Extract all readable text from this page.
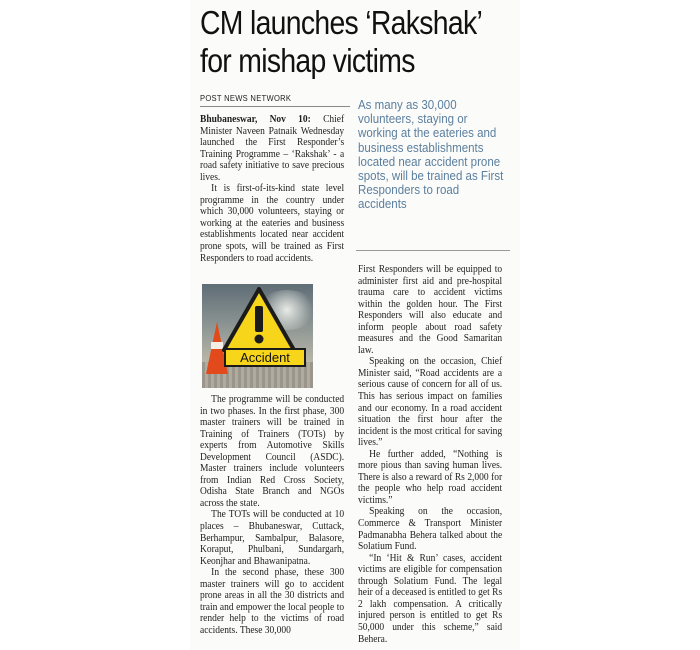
CM launches ‘Rakshak’
for mishap victims
POST NEWS NETWORK	As many as 30,000 volunteers, staying or working at the eateries and business establishments located near accident prone spots, will be trained as First Responders to road accidents

Bhubaneswar, Nov 10: Chief Minister Naveen Patnaik Wednesday launched the First Responder’s Training Programme – ‘Rakshak’ - a road safety initiative to save precious lives.

It is first-of-its-kind state level programme in the country under which 30,000 volunteers, staying or working at the eateries and business establishments located near accident prone spots, will be trained as First Responders to road accidents.

Accident

The programme will be conducted in two phases. In the first phase, 300 master trainers will be trained in Training of Trainers (TOTs) by experts from Automotive Skills Development Council (ASDC). Master trainers include volunteers from Indian Red Cross Society, Odisha State Branch and NGOs across the state.

The TOTs will be conducted at 10 places – Bhubaneswar, Cuttack, Berhampur, Sambalpur, Balasore, Koraput, Phulbani, Sundargarh, Keonjhar and Bhawanipatna.

In the second phase, these 300 master trainers will go to accident prone areas in all the 30 districts and train and empower the local people to render help to the victims of road accidents. These 30,000

First Responders will be equipped to administer first aid and pre-hospital trauma care to accident victims within the golden hour. The First Responders will also educate and inform people about road safety measures and the Good Samaritan law.

Speaking on the occasion, Chief Minister said, “Road accidents are a serious cause of concern for all of us. This has serious impact on families and our economy. In a road accident situation the first hour after the incident is the most critical for saving lives.”

He further added, “Nothing is more pious than saving human lives. There is also a reward of Rs 2,000 for the people who help road accident victims.”

Speaking on the occasion, Commerce & Transport Minister Padmanabha Behera talked about the Solatium Fund.

“In ‘Hit & Run’ cases, accident victims are eligible for compensation through Solatium Fund. The legal heir of a deceased is entitled to get Rs 2 lakh compensation. A critically injured person is entitled to get Rs 50,000 under this scheme,” said Behera.
